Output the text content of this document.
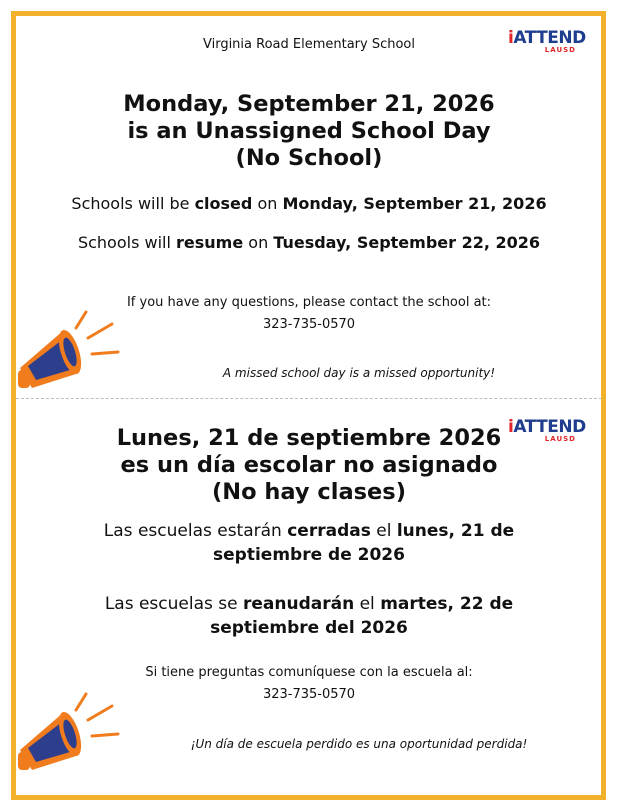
Virginia Road Elementary School	iATTEND
LAUSD
Monday, September 21, 2026
is an Unassigned School Day
(No School)
Schools will be closed on Monday, September 21, 2026
Schools will resume on Tuesday, September 22, 2026
If you have any questions, please contact the school at:
323-735-0570
A missed school day is a missed opportunity!
iATTEND
LAUSD
Lunes, 21 de septiembre 2026
es un día escolar no asignado
(No hay clases)
Las escuelas estarán cerradas el lunes, 21 de
septiembre de 2026
Las escuelas se reanudarán el martes, 22 de
septiembre del 2026
Si tiene preguntas comuníquese con la escuela al:
323-735-0570
¡Un día de escuela perdido es una oportunidad perdida!
